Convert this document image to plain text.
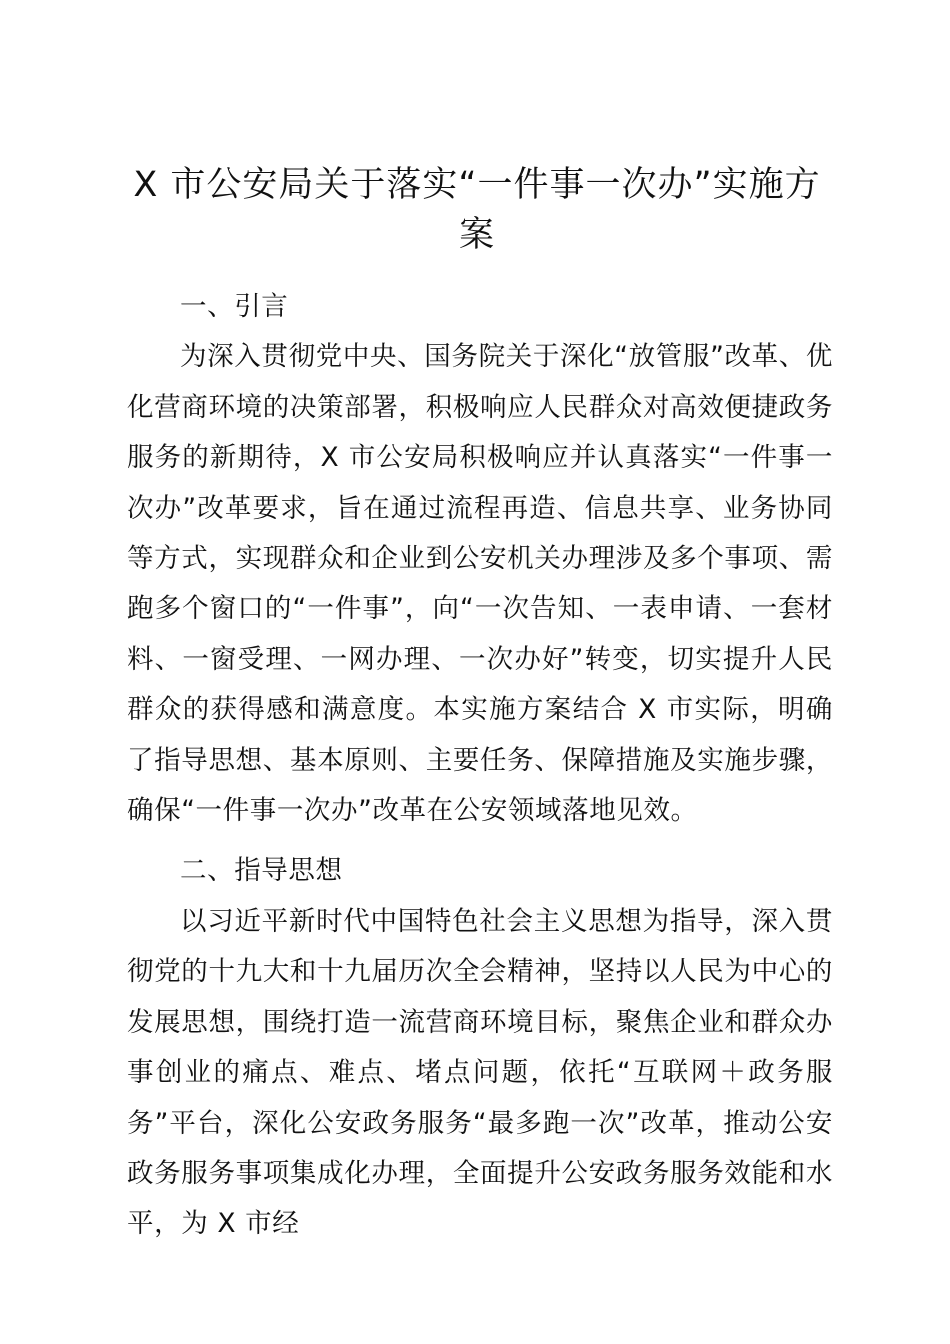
X 市公安局关于落实“一件事一次办”实施方案

一、引言

为深入贯彻党中央、国务院关于深化“放管服”改革、优化营商环境的决策部署，积极响应人民群众对高效便捷政务服务的新期待，X 市公安局积极响应并认真落实“一件事一次办”改革要求，旨在通过流程再造、信息共享、业务协同等方式，实现群众和企业到公安机关办理涉及多个事项、需跑多个窗口的“一件事”，向“一次告知、一表申请、一套材料、一窗受理、一网办理、一次办好”转变，切实提升人民群众的获得感和满意度。本实施方案结合 X 市实际，明确了指导思想、基本原则、主要任务、保障措施及实施步骤，确保“一件事一次办”改革在公安领域落地见效。

二、指导思想

以习近平新时代中国特色社会主义思想为指导，深入贯彻党的十九大和十九届历次全会精神，坚持以人民为中心的发展思想，围绕打造一流营商环境目标，聚焦企业和群众办事创业的痛点、难点、堵点问题，依托“互联网＋政务服务”平台，深化公安政务服务“最多跑一次”改革，推动公安政务服务事项集成化办理，全面提升公安政务服务效能和水平，为 X 市经
